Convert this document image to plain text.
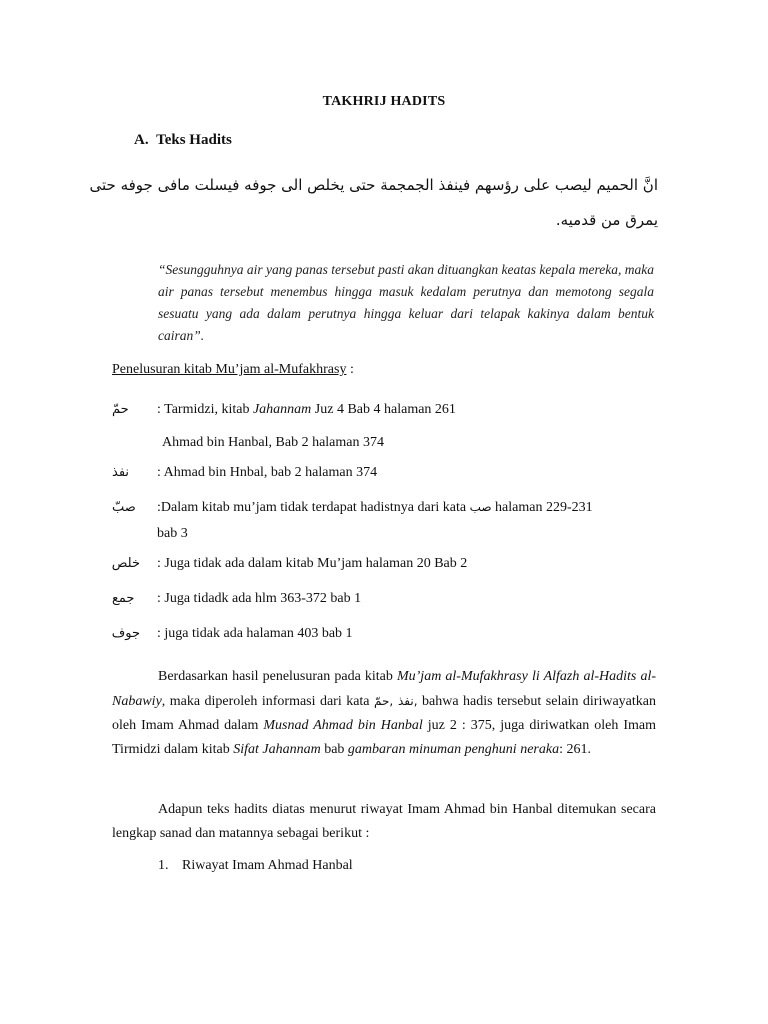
TAKHRIJ HADITS
A. Teks Hadits
انَّ الحميم ليصب على رؤسهم فينفذ الجمجمة حتى يخلص الى جوفه فيسلت مافى جوفه حتى
يمرق من قدميه.
“Sesungguhnya air yang panas tersebut pasti akan dituangkan keatas kepala mereka, maka air panas tersebut menembus hingga masuk kedalam perutnya dan memotong segala sesuatu yang ada dalam perutnya hingga keluar dari telapak kakinya dalam bentuk cairan”.
Penelusuran kitab Mu’jam al-Mufakhrasy :
حمّ	: Tarmidzi, kitab Jahannam Juz 4 Bab 4 halaman 261
Ahmad bin Hanbal, Bab 2 halaman 374
نفذ	: Ahmad bin Hnbal, bab 2 halaman 374
صبّ :Dalam kitab mu’jam tidak terdapat hadistnya dari kata صب halaman 229-231
bab 3
خلص : Juga tidak ada dalam kitab Mu’jam halaman 20 Bab 2
جمع	: Juga tidadk ada hlm 363-372 bab 1
جوف : juga tidak ada halaman 403 bab 1
Berdasarkan hasil penelusuran pada kitab Mu’jam al-Mufakhrasy li Alfazh al-Hadits al-Nabawiy, maka diperoleh informasi dari kata نفذ ,حمّ, bahwa hadis tersebut selain diriwayatkan oleh Imam Ahmad dalam Musnad Ahmad bin Hanbal juz 2 : 375, juga diriwatkan oleh Imam Tirmidzi dalam kitab Sifat Jahannam bab gambaran minuman penghuni neraka: 261.
Adapun teks hadits diatas menurut riwayat Imam Ahmad bin Hanbal ditemukan secara lengkap sanad dan matannya sebagai berikut :
1. Riwayat Imam Ahmad Hanbal
